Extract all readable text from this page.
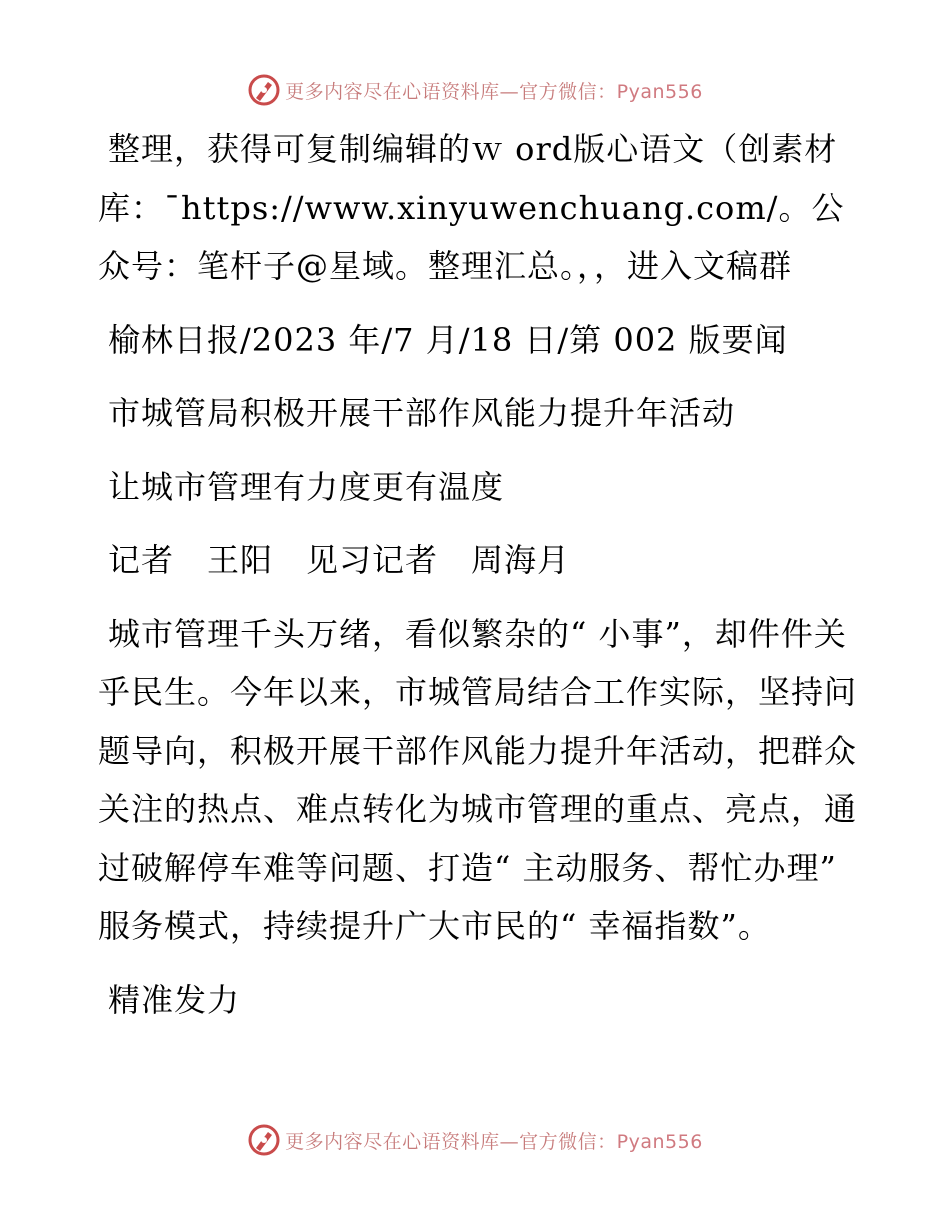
更多内容尽在心语资料库—官方微信：Pyan556

整理，获得可复制编辑的ｗ ord版心语文（创素材库：¯https://www.xinyuwenchuang.com/。公众号：笔杆子@星域。整理汇总。，，进入文稿群

榆林日报/2023 年/7 月/18 日/第 002 版要闻

市城管局积极开展干部作风能力提升年活动

让城市管理有力度更有温度

记者　王阳　见习记者　周海月

城市管理千头万绪，看似繁杂的“ 小事”，却件件关乎民生。今年以来，市城管局结合工作实际，坚持问题导向，积极开展干部作风能力提升年活动，把群众关注的热点、难点转化为城市管理的重点、亮点，通过破解停车难等问题、打造“ 主动服务、帮忙办理” 服务模式，持续提升广大市民的“ 幸福指数”。

精准发力

更多内容尽在心语资料库—官方微信：Pyan556
